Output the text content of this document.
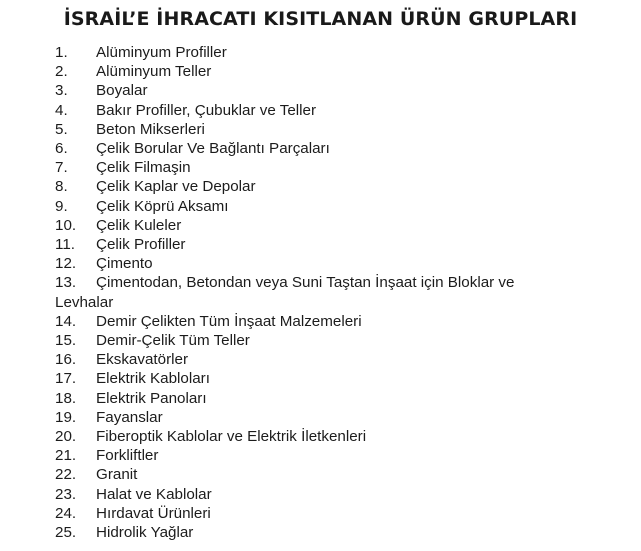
İSRAİL’E İHRACATI KISITLANAN ÜRÜN GRUPLARI
1. Alüminyum Profiller
2. Alüminyum Teller
3. Boyalar
4. Bakır Profiller, Çubuklar ve Teller
5. Beton Mikserleri
6. Çelik Borular Ve Bağlantı Parçaları
7. Çelik Filmaşin
8. Çelik Kaplar ve Depolar
9. Çelik Köprü Aksamı
10. Çelik Kuleler
11. Çelik Profiller
12. Çimento
13. Çimentodan, Betondan veya Suni Taştan İnşaat için Bloklar ve Levhalar
14. Demir Çelikten Tüm İnşaat Malzemeleri
15. Demir-Çelik Tüm Teller
16. Ekskavatörler
17. Elektrik Kabloları
18. Elektrik Panoları
19. Fayanslar
20. Fiberoptik Kablolar ve Elektrik İletkenleri
21. Forkliftler
22. Granit
23. Halat ve Kablolar
24. Hırdavat Ürünleri
25. Hidrolik Yağlar
